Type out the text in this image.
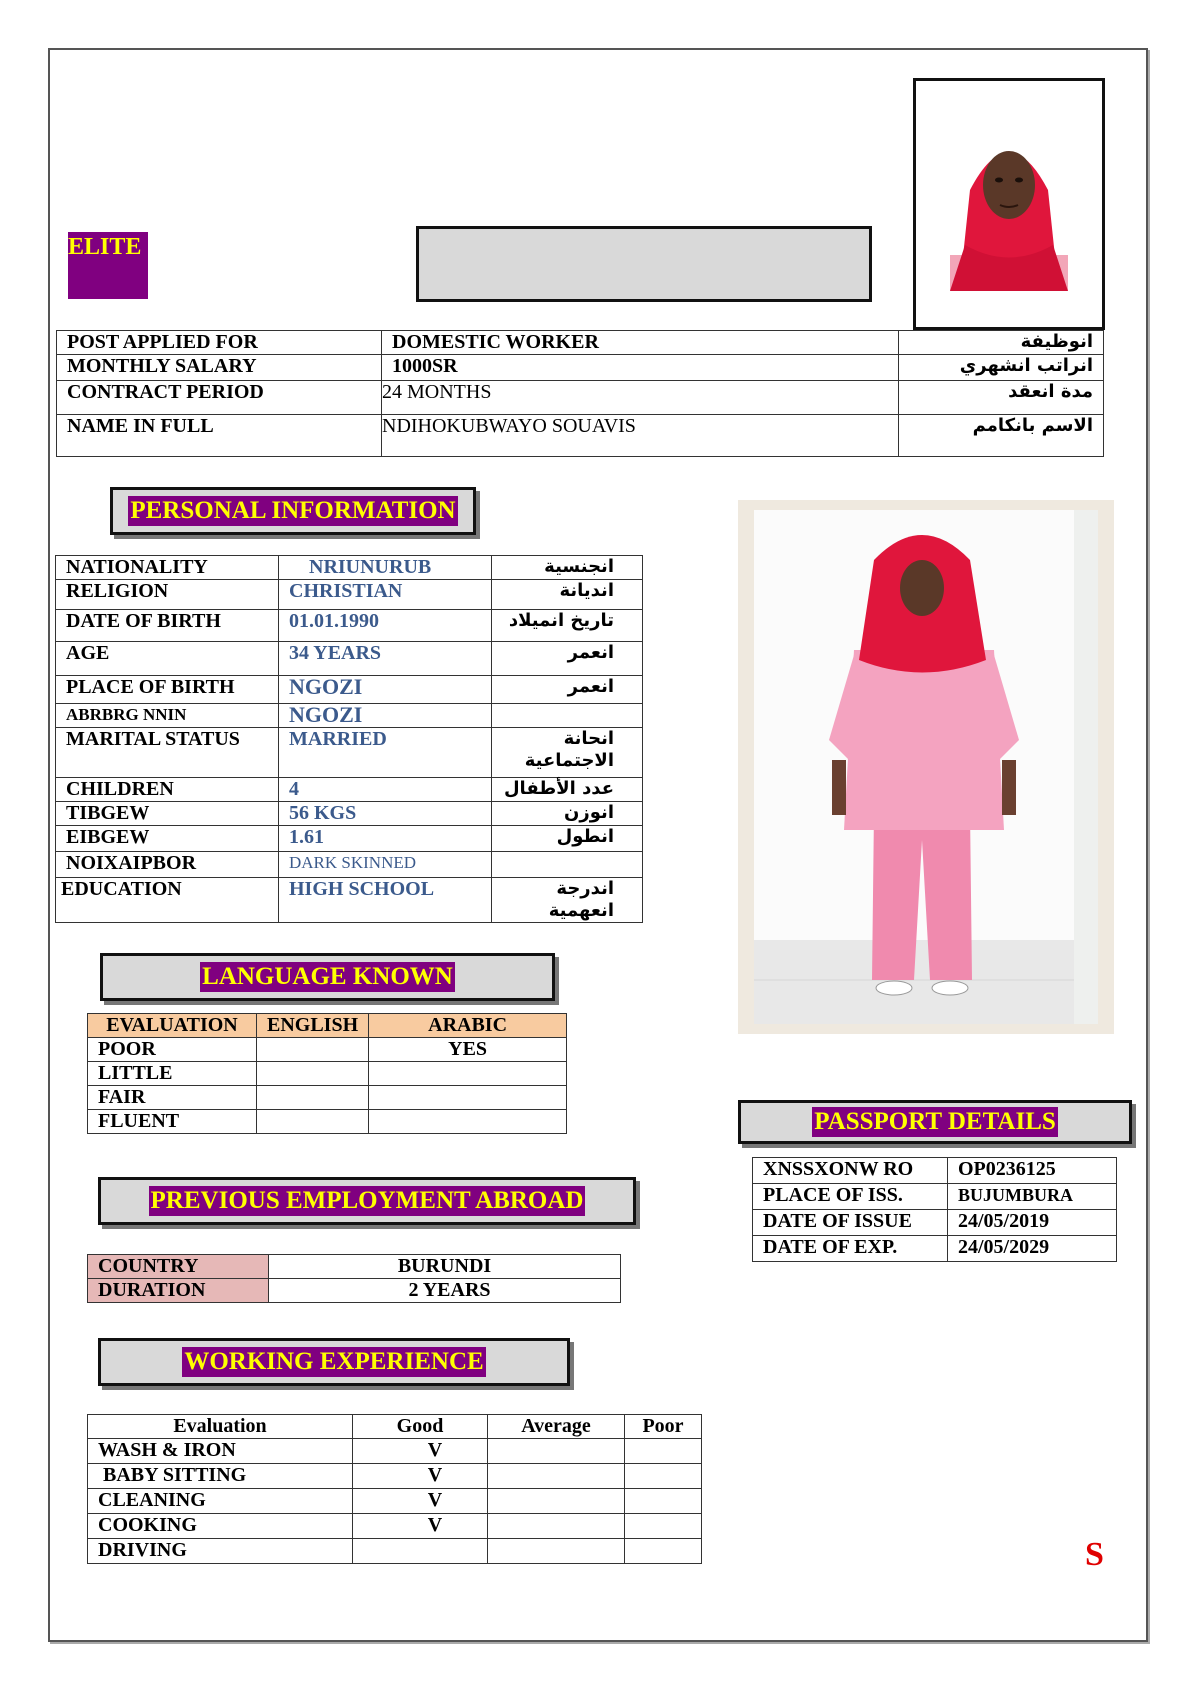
ELITE
POST APPLIED FOR	DOMESTIC WORKER	انوظيفة
MONTHLY SALARY	1000SR	انراتب انشهري
CONTRACT PERIOD	24 MONTHS	مدة انعقد
NAME IN FULL	NDIHOKUBWAYO SOUAVIS	الاسم بانكامم
PERSONAL INFORMATION
NATIONALITY	NRIUNURUB	انجنسية
RELIGION	CHRISTIAN	انديانة
DATE OF BIRTH	01.01.1990	تاريخ انميلاد
AGE	34 YEARS	انعمر
PLACE OF BIRTH	NGOZI	انعمر
ABRBRG NNIN	NGOZI	
MARITAL STATUS	MARRIED	انحانة الاجتماعية
CHILDREN	4	عدد الأطفال
TIBGEW	56 KGS	انوزن
EIBGEW	1.61	انطول
NOIXAIPBOR	DARK SKINNED	
EDUCATION	HIGH SCHOOL	اندرجة انعهمية
LANGUAGE KNOWN
EVALUATION	ENGLISH	ARABIC
POOR		YES
LITTLE		
FAIR		
FLUENT		
PREVIOUS EMPLOYMENT ABROAD
COUNTRY	BURUNDI
DURATION	2 YEARS
WORKING EXPERIENCE
Evaluation	Good	Average	Poor
WASH & IRON	V		
BABY SITTING	V		
CLEANING	V		
COOKING	V		
DRIVING			
PASSPORT DETAILS
XNSSXONW RO	OP0236125
PLACE OF ISS.	BUJUMBURA
DATE OF ISSUE	24/05/2019
DATE OF EXP.	24/05/2029
S
